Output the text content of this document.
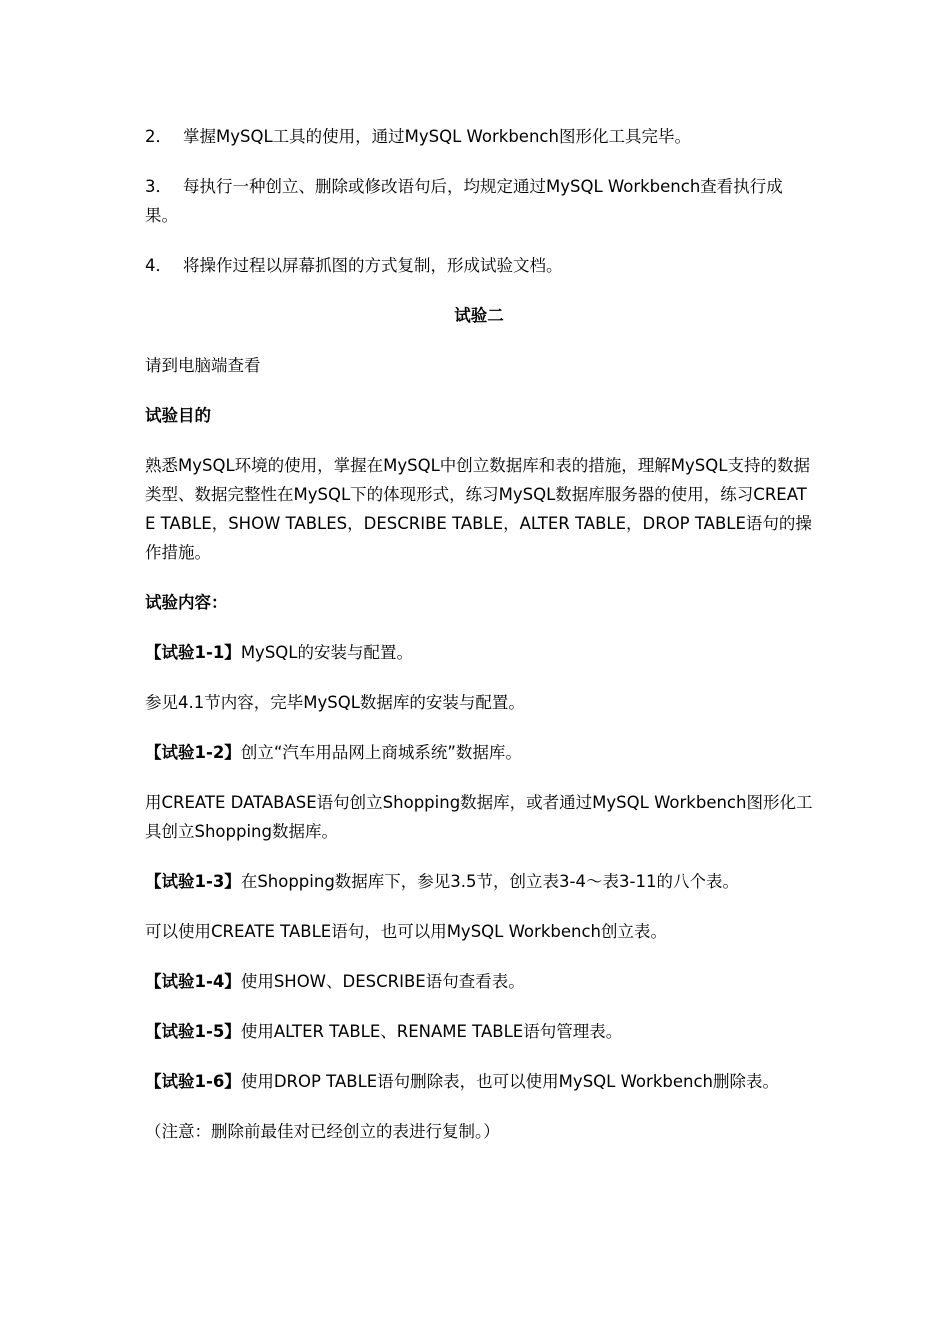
2． 掌握MySQL工具的使用，通过MySQL Workbench图形化工具完毕。

3． 每执行一种创立、删除或修改语句后，均规定通过MySQL Workbench查看执行成果。

4． 将操作过程以屏幕抓图的方式复制，形成试验文档。

试验二

请到电脑端查看

试验目的

熟悉MySQL环境的使用，掌握在MySQL中创立数据库和表的措施，理解MySQL支持的数据类型、数据完整性在MySQL下的体现形式，练习MySQL数据库服务器的使用，练习CREATE TABLE，SHOW TABLES，DESCRIBE TABLE，ALTER TABLE，DROP TABLE语句的操作措施。

试验内容：

【试验1-1】MySQL的安装与配置。

参见4.1节内容，完毕MySQL数据库的安装与配置。

【试验1-2】创立“汽车用品网上商城系统”数据库。

用CREATE DATABASE语句创立Shopping数据库，或者通过MySQL Workbench图形化工具创立Shopping数据库。

【试验1-3】在Shopping数据库下，参见3.5节，创立表3-4～表3-11的八个表。

可以使用CREATE TABLE语句，也可以用MySQL Workbench创立表。

【试验1-4】使用SHOW、DESCRIBE语句查看表。

【试验1-5】使用ALTER TABLE、RENAME TABLE语句管理表。

【试验1-6】使用DROP TABLE语句删除表，也可以使用MySQL Workbench删除表。

（注意：删除前最佳对已经创立的表进行复制。）
